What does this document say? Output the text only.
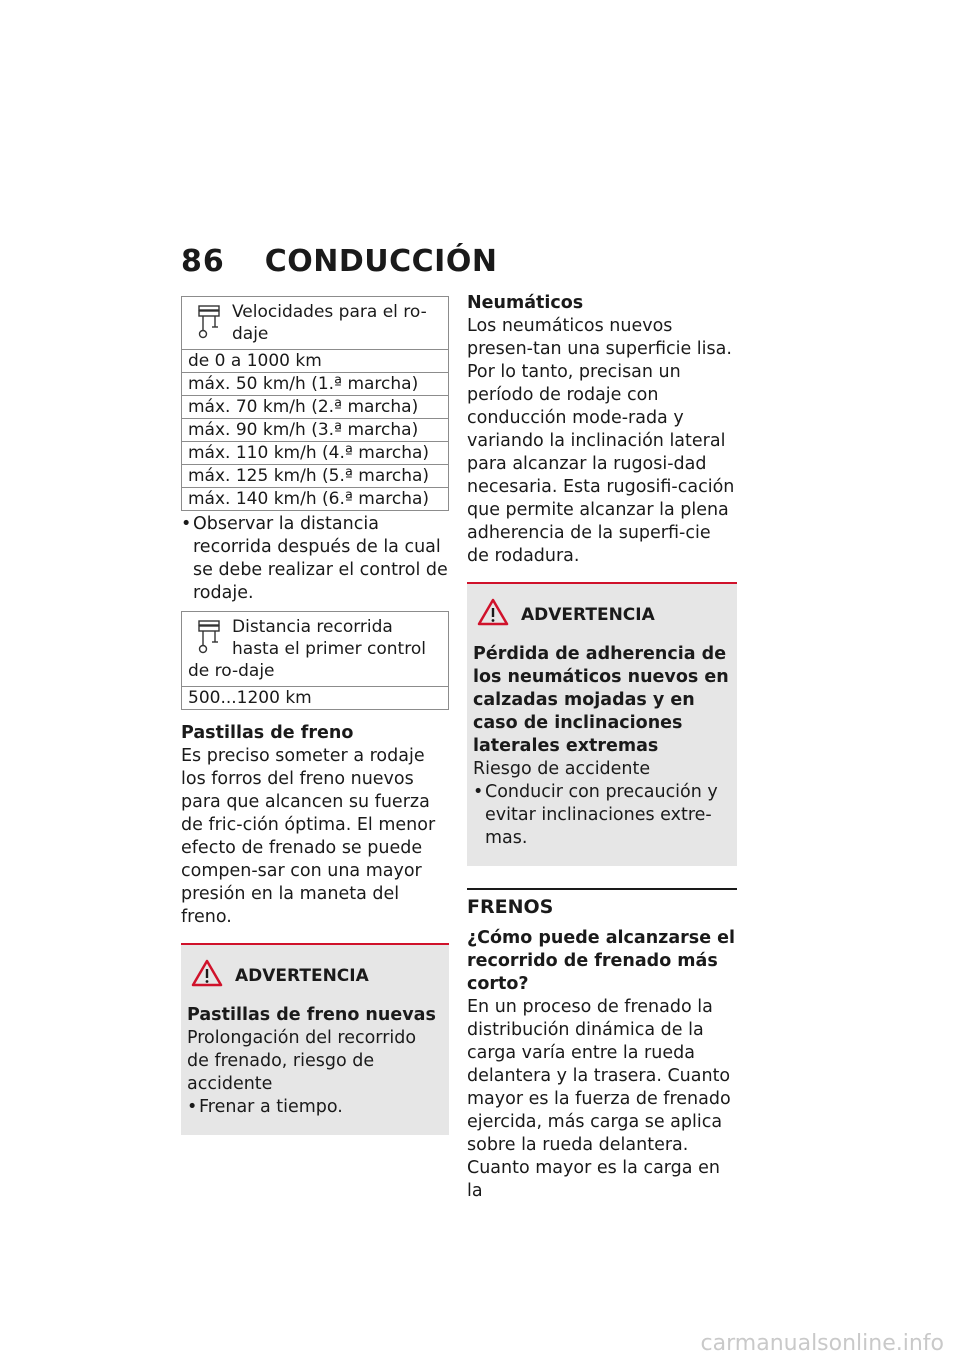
86 CONDUCCIÓN
Velocidades para el ro-daje
de 0 a 1000 km
máx. 50 km/h (1.ª marcha)
máx. 70 km/h (2.ª marcha)
máx. 90 km/h (3.ª marcha)
máx. 110 km/h (4.ª marcha)
máx. 125 km/h (5.ª marcha)
máx. 140 km/h (6.ª marcha)

• Observar la distancia recorrida después de la cual se debe realizar el control de rodaje.

Distancia recorrida hasta el primer control de ro-daje
500...1200 km
Pastillas de freno

Es preciso someter a rodaje los forros del freno nuevos para que alcancen su fuerza de fric-ción óptima. El menor efecto de frenado se puede compen-sar con una mayor presión en la maneta del freno.

ADVERTENCIA
Pastillas de freno nuevas

Prolongación del recorrido de frenado, riesgo de accidente

• Frenar a tiempo.

Neumáticos

Los neumáticos nuevos presen-tan una superficie lisa. Por lo tanto, precisan un período de rodaje con conducción mode-rada y variando la inclinación lateral para alcanzar la rugosi-dad necesaria. Esta rugosifi-cación que permite alcanzar la plena adherencia de la superfi-cie de rodadura.

ADVERTENCIA
Pérdida de adherencia de los neumáticos nuevos en calzadas mojadas y en caso de inclinaciones laterales extremas

Riesgo de accidente

• Conducir con precaución y evitar inclinaciones extre-mas.

FRENOS
¿Cómo puede alcanzarse el recorrido de frenado más corto?

En un proceso de frenado la distribución dinámica de la carga varía entre la rueda delantera y la trasera. Cuanto mayor es la fuerza de frenado ejercida, más carga se aplica sobre la rueda delantera. Cuanto mayor es la carga en la

carmanualsonline.info
